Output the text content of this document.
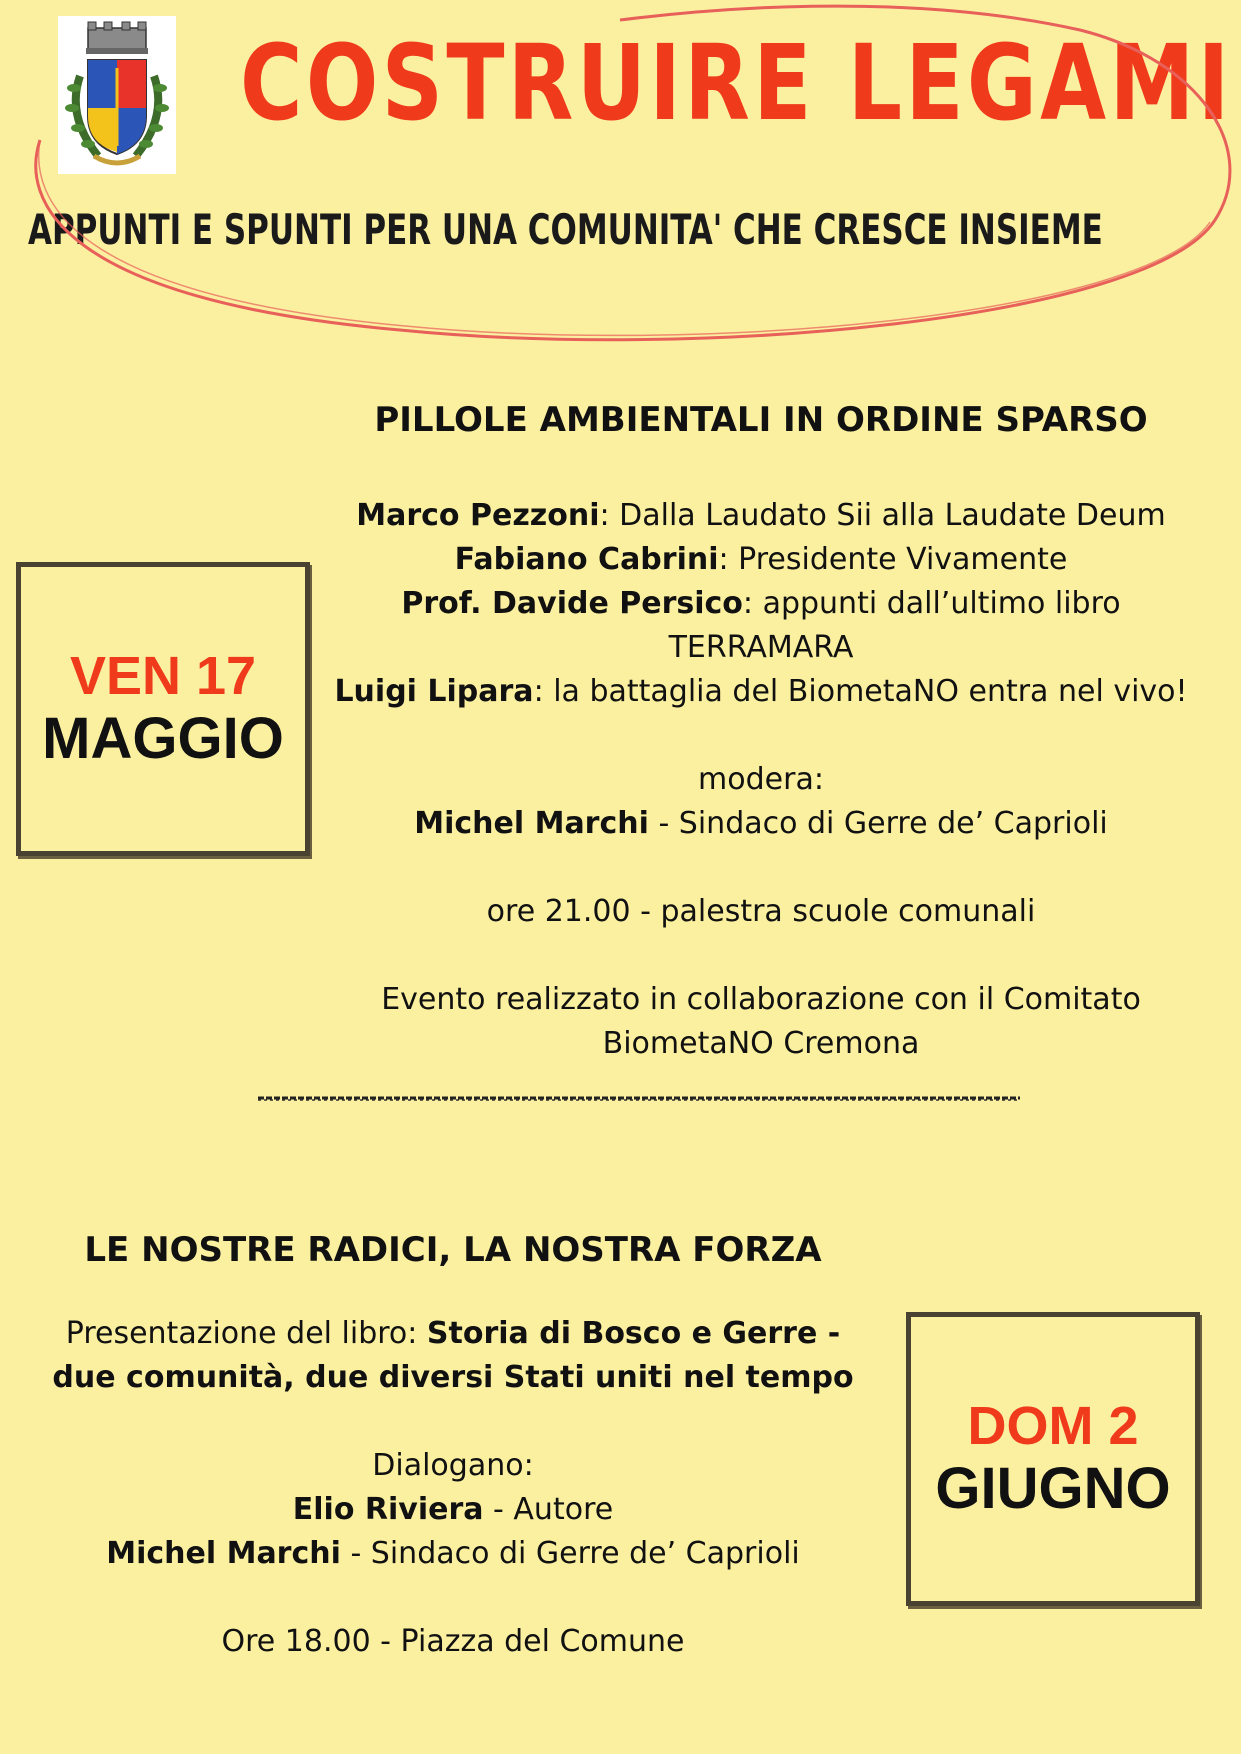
COSTRUIRE LEGAMI
APPUNTI E SPUNTI PER UNA COMUNITA' CHE CRESCE INSIEME
VEN 17
MAGGIO
PILLOLE AMBIENTALI IN ORDINE SPARSO
Marco Pezzoni: Dalla Laudato Sii alla Laudate Deum
Fabiano Cabrini: Presidente Vivamente
Prof. Davide Persico: appunti dall’ultimo libro
TERRAMARA
Luigi Lipara: la battaglia del BiometaNO entra nel vivo!
modera:
Michel Marchi - Sindaco di Gerre de’ Caprioli
ore 21.00 - palestra scuole comunali
Evento realizzato in collaborazione con il Comitato
BiometaNO Cremona
LE NOSTRE RADICI, LA NOSTRA FORZA
Presentazione del libro: Storia di Bosco e Gerre -
due comunità, due diversi Stati uniti nel tempo
Dialogano:
Elio Riviera - Autore
Michel Marchi - Sindaco di Gerre de’ Caprioli
Ore 18.00 - Piazza del Comune
DOM 2
GIUGNO
